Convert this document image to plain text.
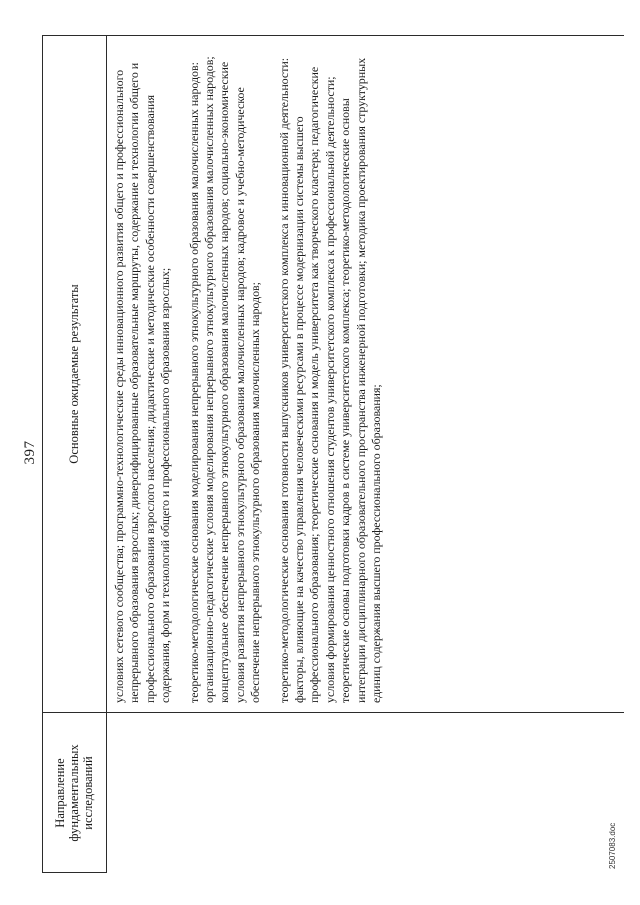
397
Направление фундаментальных исследований
Основные ожидаемые результаты	условиях сетевого сообщества; программно-технологические среды инновационного развития общего и профессионального непрерывного образования взрослых; диверсифицированные образовательные маршруты, содержание и технологии общего и профессионального образования взрослого населения; дидактические и методические особенности совершенствования содержания, форм и технологий общего и профессионального образования взрослых; теоретико-методологические основания моделирования непрерывного этнокультурного образования малочисленных народов: организационно-педагогические условия моделирования непрерывного этнокультурного образования малочисленных народов; концептуальное обеспечение непрерывного этнокультурного образования малочисленных народов; социально-экономические условия развития непрерывного этнокультурного образования малочисленных народов; кадровое и учебно-методическое обеспечение непрерывного этнокультурного образования малочисленных народов; теоретико-методологические основания готовности выпускников университетского комплекса к инновационной деятельности: факторы, влияющие на качество управления человеческими ресурсами в процессе модернизации системы высшего профессионального образования; теоретические основания и модель университета как творческого кластера; педагогические условия формирования ценностного отношения студентов университетского комплекса к профессиональной деятельности; теоретические основы подготовки кадров в системе университетского комплекса; теоретико-методологические основы интеграции дисциплинарного образовательного пространства инженерной подготовки; методика проектирования структурных единиц содержания высшего профессионального образования;

2507083.doc
